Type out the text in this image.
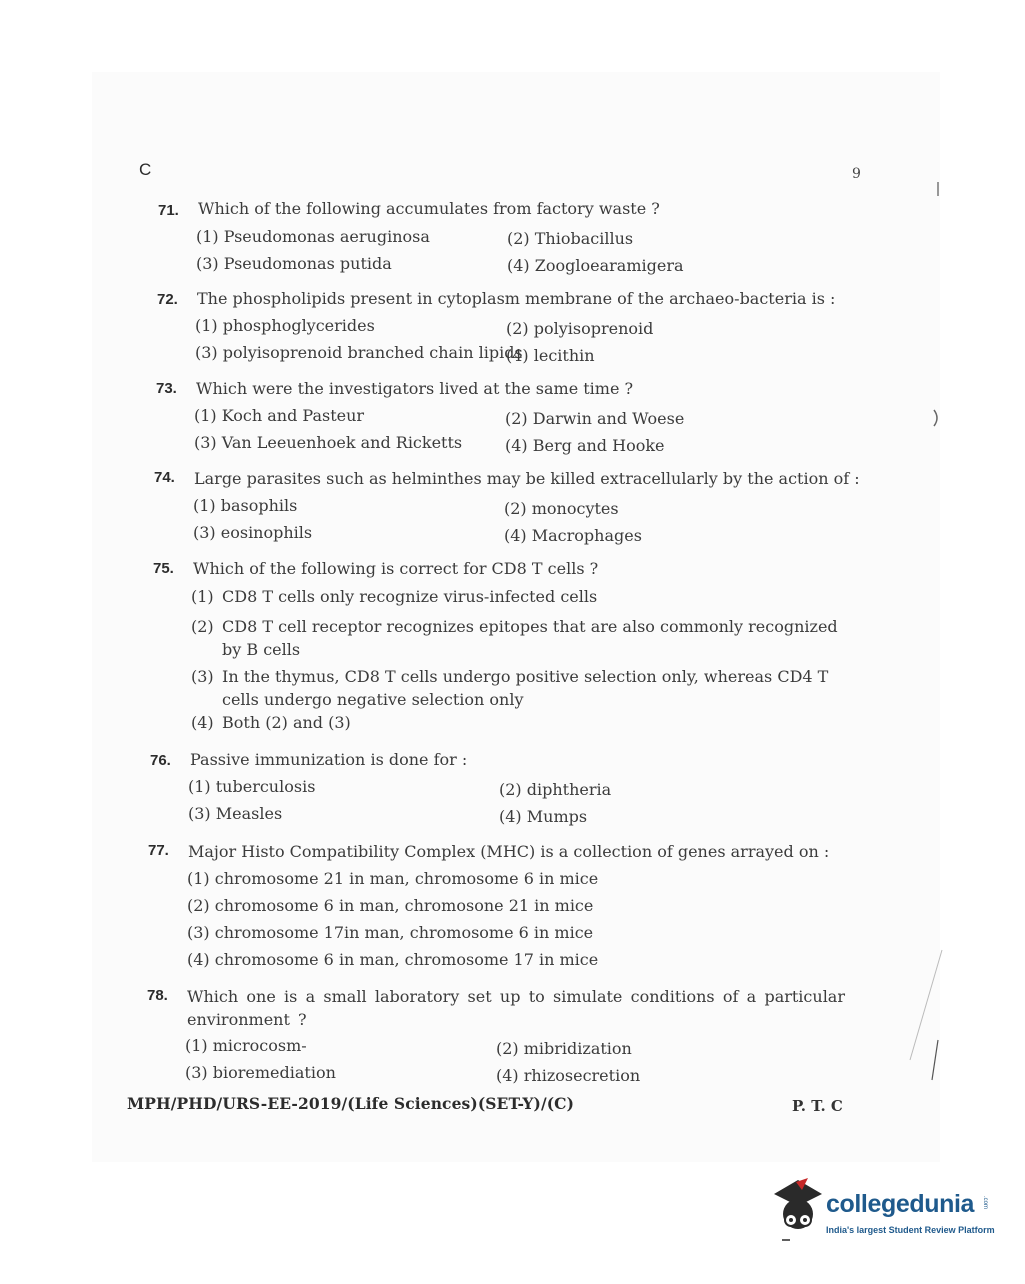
C	9
71. Which of the following accumulates from factory waste ?
(1) Pseudomonas aeruginosa	(2) Thiobacillus
(3) Pseudomonas putida	(4) Zoogloearamigera
72. The phospholipids present in cytoplasm membrane of the archaeo-bacteria is :
(1) phosphoglycerides	(2) polyisoprenoid
(3) polyisoprenoid branched chain lipids
(4) lecithin
73. Which were the investigators lived at the same time ?
(1) Koch and Pasteur	(2) Darwin and Woese
(3) Van Leeuenhoek and Ricketts	(4) Berg and Hooke
74. Large parasites such as helminthes may be killed extracellularly by the action of :
(1) basophils	(2) monocytes
(3) eosinophils	(4) Macrophages
75. Which of the following is correct for CD8 T cells ?
(1) CD8 T cells only recognize virus-infected cells
(2) CD8 T cell receptor recognizes epitopes that are also commonly recognized by B cells
(3) In the thymus, CD8 T cells undergo positive selection only, whereas CD4 T cells undergo negative selection only
(4) Both (2) and (3)
76. Passive immunization is done for :
(1) tuberculosis	(2) diphtheria
(3) Measles	(4) Mumps
77. Major Histo Compatibility Complex (MHC) is a collection of genes arrayed on :
(1) chromosome 21 in man, chromosome 6 in mice
(2) chromosome 6 in man, chromosone 21 in mice
(3) chromosome 17in man, chromosome 6 in mice
(4) chromosome 6 in man, chromosome 17 in mice
78. Which one is a small laboratory set up to simulate conditions of a particular environment ?
(1) microcosm-	(2) mibridization
(3) bioremediation	(4) rhizosecretion
MPH/PHD/URS-EE-2019/(Life Sciences)(SET-Y)/(C)	P. T. C
collegedunia .com
India's largest Student Review Platform
